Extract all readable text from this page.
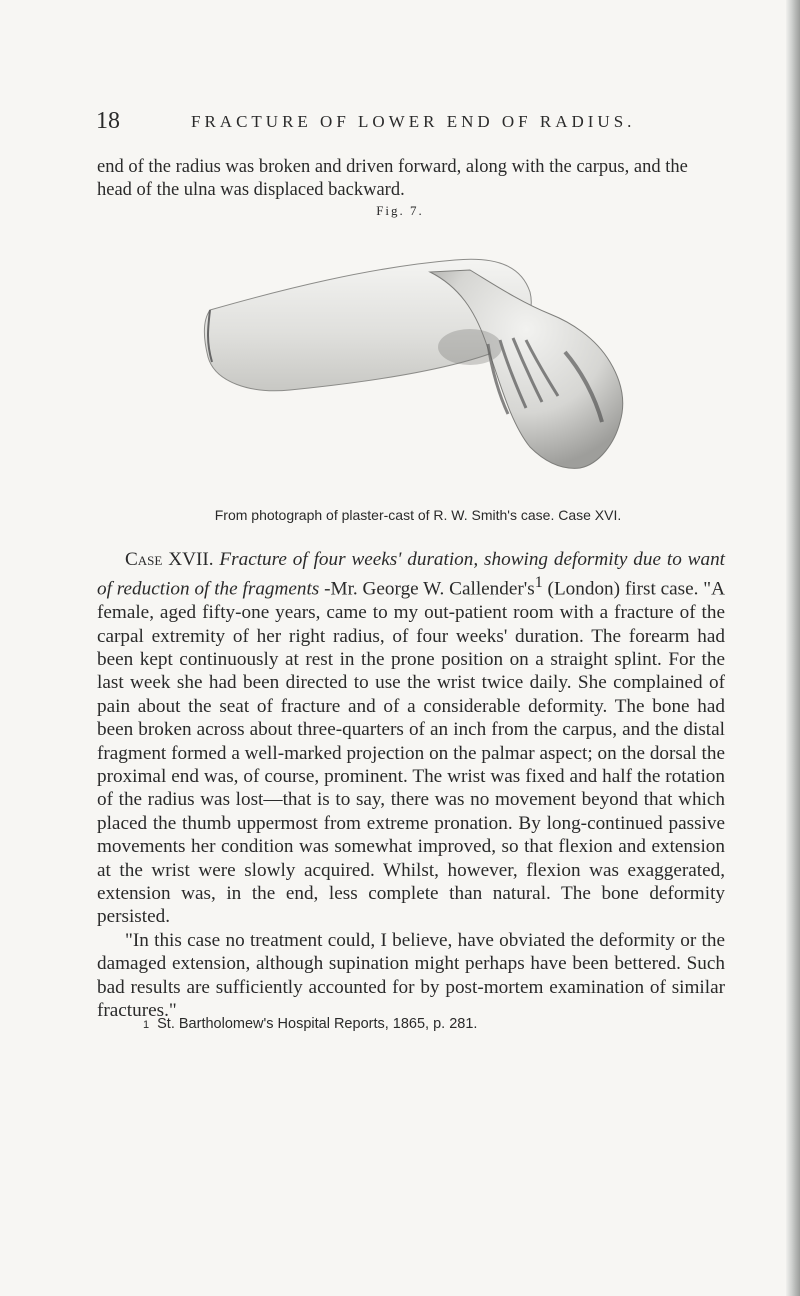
18	FRACTURE OF LOWER END OF RADIUS.
end of the radius was broken and driven forward, along with the carpus, and the head of the ulna was displaced backward.
Fig. 7.
From photograph of plaster-cast of R. W. Smith's case. Case XVI.
Case XVII. Fracture of four weeks' duration, showing deformity due to want of reduction of the fragments -Mr. George W. $Callender's^1$ (London) first case. "A female, aged fifty-one years, came to my out-patient room with a fracture of the carpal extremity of her right radius, of four weeks' duration. The forearm had been kept continuously at rest in the prone position on a straight splint. For the last week she had been directed to use the wrist twice daily. She complained of pain about the seat of fracture and of a considerable deformity. The bone had been broken across about three-quarters of an inch from the carpus, and the distal fragment formed a well-marked projection on the palmar aspect; on the dorsal the proximal end was, of course, prominent. The wrist was fixed and half the rotation of the radius was lost—that is to say, there was no movement beyond that which placed the thumb uppermost from extreme pronation. By long-continued passive movements her condition was somewhat improved, so that flexion and extension at the wrist were slowly acquired. Whilst, however, flexion was exaggerated, extension was, in the end, less complete than natural. The bone deformity persisted.
"In this case no treatment could, I believe, have obviated the deformity or the damaged extension, although supination might perhaps have been bettered. Such bad results are sufficiently accounted for by post-mortem examination of similar fractures."
1 St. Bartholomew's Hospital Reports, 1865, p. 281.
